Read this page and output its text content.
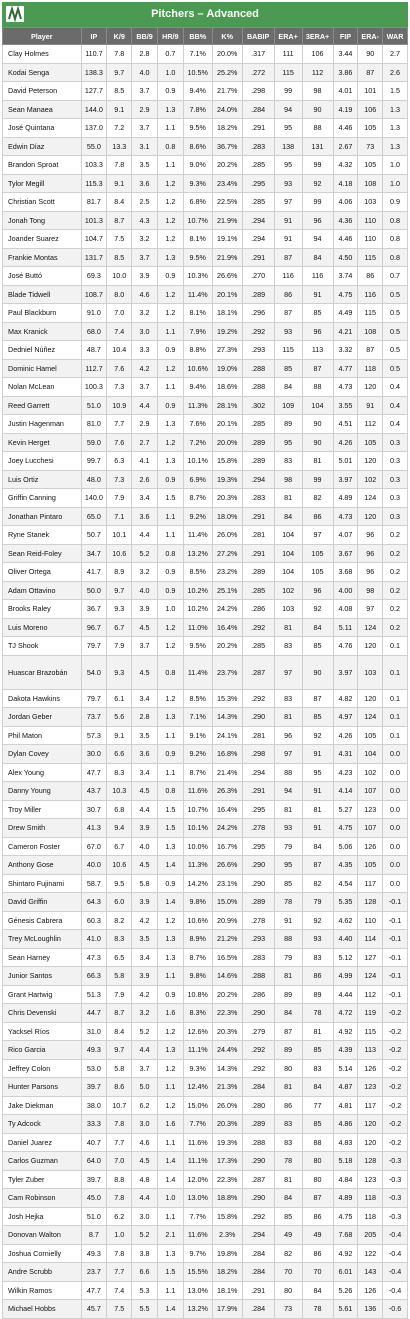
Pitchers – Advanced
Player	IP	K/9	BB/9	HR/9	BB%	K%	BABIP	ERA+	3ERA+	FIP	ERA-	WAR
Clay Holmes	110.7	7.8	2.8	0.7	7.1%	20.0%	.317	111	106	3.44	90	2.7
Kodai Senga	138.3	9.7	4.0	1.0	10.5%	25.2%	.272	115	112	3.86	87	2.6
David Peterson	127.7	8.5	3.7	0.9	9.4%	21.7%	.298	99	98	4.01	101	1.5
Sean Manaea	144.0	9.1	2.9	1.3	7.8%	24.0%	.284	94	90	4.19	106	1.3
José Quintana	137.0	7.2	3.7	1.1	9.5%	18.2%	.291	95	88	4.46	105	1.3
Edwin Díaz	55.0	13.3	3.1	0.8	8.6%	36.7%	.283	138	131	2.67	73	1.3
Brandon Sproat	103.3	7.8	3.5	1.1	9.0%	20.2%	.285	95	99	4.32	105	1.0
Tylor Megill	115.3	9.1	3.6	1.2	9.3%	23.4%	.295	93	92	4.18	108	1.0
Christian Scott	81.7	8.4	2.5	1.2	6.8%	22.5%	.285	97	99	4.06	103	0.9
Jonah Tong	101.3	8.7	4.3	1.2	10.7%	21.9%	.294	91	96	4.36	110	0.8
Joander Suarez	104.7	7.5	3.2	1.2	8.1%	19.1%	.294	91	94	4.46	110	0.8
Frankie Montas	131.7	8.5	3.7	1.3	9.5%	21.9%	.291	87	84	4.50	115	0.8
José Buttó	69.3	10.0	3.9	0.9	10.3%	26.6%	.270	116	116	3.74	86	0.7
Blade Tidwell	108.7	8.0	4.6	1.2	11.4%	20.1%	.289	86	91	4.75	116	0.5
Paul Blackburn	91.0	7.0	3.2	1.2	8.1%	18.1%	.296	87	85	4.49	115	0.5
Max Kranick	68.0	7.4	3.0	1.1	7.9%	19.2%	.292	93	96	4.21	108	0.5
Dedniel Núñez	48.7	10.4	3.3	0.9	8.8%	27.3%	.293	115	113	3.32	87	0.5
Dominic Hamel	112.7	7.6	4.2	1.2	10.6%	19.0%	.288	85	87	4.77	118	0.5
Nolan McLean	100.3	7.3	3.7	1.1	9.4%	18.6%	.288	84	88	4.73	120	0.4
Reed Garrett	51.0	10.9	4.4	0.9	11.3%	28.1%	.302	109	104	3.55	91	0.4
Justin Hagenman	81.0	7.7	2.9	1.3	7.6%	20.1%	.285	89	90	4.51	112	0.4
Kevin Herget	59.0	7.6	2.7	1.2	7.2%	20.0%	.289	95	90	4.26	105	0.3
Joey Lucchesi	99.7	6.3	4.1	1.3	10.1%	15.8%	.289	83	81	5.01	120	0.3
Luis Ortiz	48.0	7.3	2.6	0.9	6.9%	19.3%	.294	98	99	3.97	102	0.3
Griffin Canning	140.0	7.9	3.4	1.5	8.7%	20.3%	.283	81	82	4.89	124	0.3
Jonathan Pintaro	65.0	7.1	3.6	1.1	9.2%	18.0%	.291	84	86	4.73	120	0.3
Ryne Stanek	50.7	10.1	4.4	1.1	11.4%	26.0%	.281	104	97	4.07	96	0.2
Sean Reid-Foley	34.7	10.6	5.2	0.8	13.2%	27.2%	.291	104	105	3.67	96	0.2
Oliver Ortega	41.7	8.9	3.2	0.9	8.5%	23.2%	.289	104	105	3.68	96	0.2
Adam Ottavino	50.0	9.7	4.0	0.9	10.2%	25.1%	.285	102	96	4.00	98	0.2
Brooks Raley	36.7	9.3	3.9	1.0	10.2%	24.2%	.286	103	92	4.08	97	0.2
Luis Moreno	96.7	6.7	4.5	1.2	11.0%	16.4%	.292	81	84	5.11	124	0.2
TJ Shook	79.7	7.9	3.7	1.2	9.5%	20.2%	.285	83	85	4.76	120	0.1
Huascar Brazobán	54.0	9.3	4.5	0.8	11.4%	23.7%	.287	97	90	3.97	103	0.1
Dakota Hawkins	79.7	6.1	3.4	1.2	8.5%	15.3%	.292	83	87	4.82	120	0.1
Jordan Geber	73.7	5.6	2.8	1.3	7.1%	14.3%	.290	81	85	4.97	124	0.1
Phil Maton	57.3	9.1	3.5	1.1	9.1%	24.1%	.281	96	92	4.26	105	0.1
Dylan Covey	30.0	6.6	3.6	0.9	9.2%	16.8%	.298	97	91	4.31	104	0.0
Alex Young	47.7	8.3	3.4	1.1	8.7%	21.4%	.294	88	95	4.23	102	0.0
Danny Young	43.7	10.3	4.5	0.8	11.6%	26.3%	.291	94	91	4.14	107	0.0
Troy Miller	30.7	6.8	4.4	1.5	10.7%	16.4%	.295	81	81	5.27	123	0.0
Drew Smith	41.3	9.4	3.9	1.5	10.1%	24.2%	.278	93	91	4.75	107	0.0
Cameron Foster	67.0	6.7	4.0	1.3	10.0%	16.7%	.295	79	84	5.06	126	0.0
Anthony Gose	40.0	10.6	4.5	1.4	11.3%	26.6%	.290	95	87	4.35	105	0.0
Shintaro Fujinami	58.7	9.5	5.8	0.9	14.2%	23.1%	.290	85	82	4.54	117	0.0
David Griffin	64.3	6.0	3.9	1.4	9.8%	15.0%	.289	78	79	5.35	128	-0.1
Génesis Cabrera	60.3	8.2	4.2	1.2	10.6%	20.9%	.278	91	92	4.62	110	-0.1
Trey McLoughlin	41.0	8.3	3.5	1.3	8.9%	21.2%	.293	88	93	4.40	114	-0.1
Sean Harney	47.3	6.5	3.4	1.3	8.7%	16.5%	.283	79	83	5.12	127	-0.1
Junior Santos	66.3	5.8	3.9	1.1	9.8%	14.6%	.288	81	86	4.99	124	-0.1
Grant Hartwig	51.3	7.9	4.2	0.9	10.8%	20.2%	.286	89	89	4.44	112	-0.1
Chris Devenski	44.7	8.7	3.2	1.6	8.3%	22.3%	.290	84	78	4.72	119	-0.2
Yacksel Ríos	31.0	8.4	5.2	1.2	12.6%	20.3%	.279	87	81	4.92	115	-0.2
Rico Garcia	49.3	9.7	4.4	1.3	11.1%	24.4%	.292	89	85	4.39	113	-0.2
Jeffrey Colon	53.0	5.8	3.7	1.2	9.3%	14.3%	.292	80	83	5.14	126	-0.2
Hunter Parsons	39.7	8.6	5.0	1.1	12.4%	21.3%	.284	81	84	4.87	123	-0.2
Jake Diekman	38.0	10.7	6.2	1.2	15.0%	26.0%	.280	86	77	4.81	117	-0.2
Ty Adcock	33.3	7.8	3.0	1.6	7.7%	20.3%	.289	83	85	4.86	120	-0.2
Daniel Juarez	40.7	7.7	4.6	1.1	11.6%	19.3%	.288	83	88	4.83	120	-0.2
Carlos Guzman	64.0	7.0	4.5	1.4	11.1%	17.3%	.290	78	80	5.18	128	-0.3
Tyler Zuber	39.7	8.8	4.8	1.4	12.0%	22.3%	.287	81	80	4.84	123	-0.3
Cam Robinson	45.0	7.8	4.4	1.0	13.0%	18.8%	.290	84	87	4.89	118	-0.3
Josh Hejka	51.0	6.2	3.0	1.1	7.7%	15.8%	.292	85	86	4.75	118	-0.3
Donovan Walton	8.7	1.0	5.2	2.1	11.6%	2.3%	.294	49	49	7.68	205	-0.4
Joshua Cornielly	49.3	7.8	3.8	1.3	9.7%	19.8%	.284	82	86	4.92	122	-0.4
Andre Scrubb	23.7	7.7	6.6	1.5	15.5%	18.2%	.284	70	70	6.01	143	-0.4
Wilkin Ramos	47.7	7.4	5.3	1.1	13.0%	18.1%	.291	80	84	5.26	126	-0.4
Michael Hobbs	45.7	7.5	5.5	1.4	13.2%	17.9%	.284	73	78	5.61	136	-0.6
